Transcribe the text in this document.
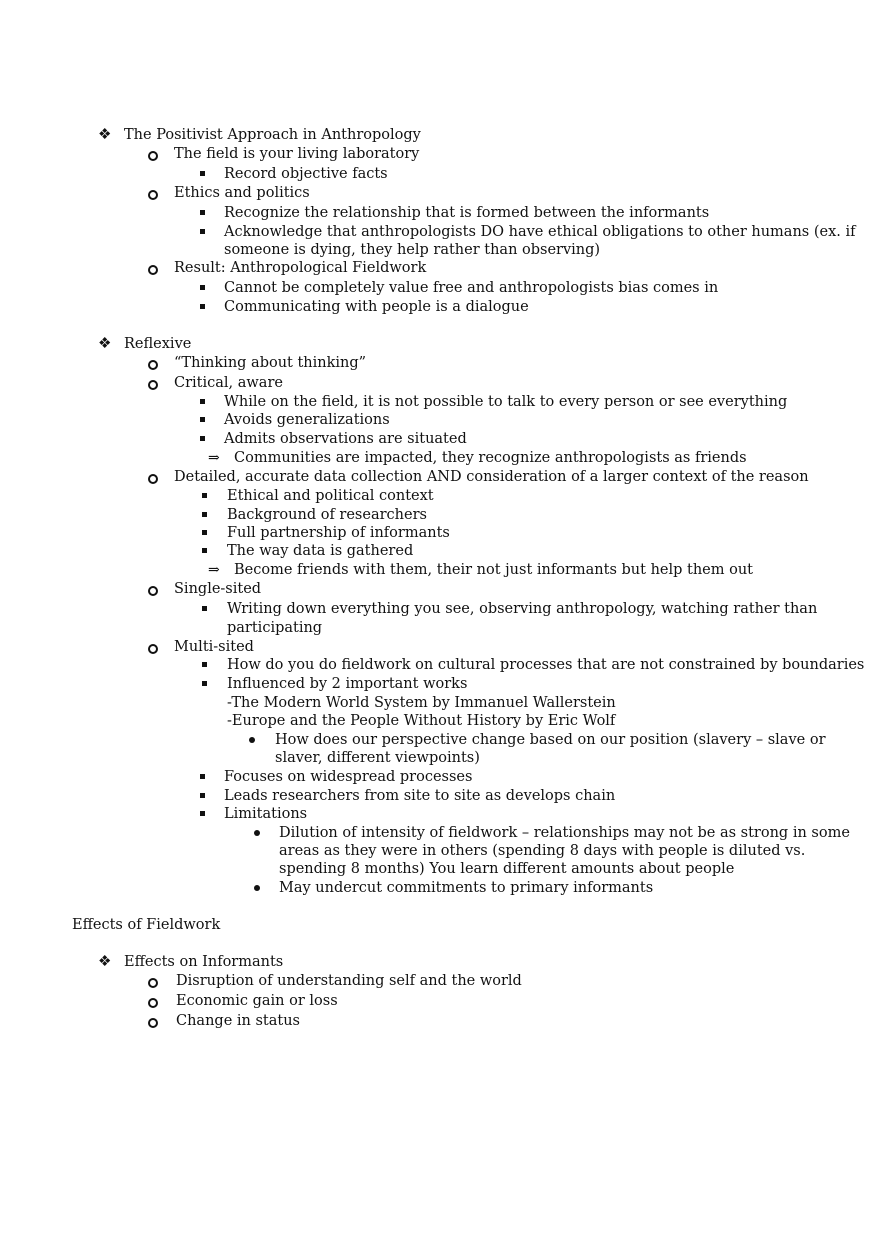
❖ The Positivist Approach in Anthropology
The field is your living laboratory
Record objective facts
Ethics and politics
Recognize the relationship that is formed between the informants
Acknowledge that anthropologists DO have ethical obligations to other humans (ex. if
someone is dying, they help rather than observing)
Result: Anthropological Fieldwork
Cannot be completely value free and anthropologists bias comes in
Communicating with people is a dialogue
❖ Reflexive
“Thinking about thinking”
Critical, aware
While on the field, it is not possible to talk to every person or see everything
Avoids generalizations
Admits observations are situated
⇒ Communities are impacted, they recognize anthropologists as friends
Detailed, accurate data collection AND consideration of a larger context of the reason
Ethical and political context
Background of researchers
Full partnership of informants
The way data is gathered
⇒ Become friends with them, their not just informants but help them out
Single-sited
Writing down everything you see, observing anthropology, watching rather than
participating
Multi-sited
How do you do fieldwork on cultural processes that are not constrained by boundaries
Influenced by 2 important works
-The Modern World System by Immanuel Wallerstein
-Europe and the People Without History by Eric Wolf
How does our perspective change based on our position (slavery – slave or
slaver, different viewpoints)
Focuses on widespread processes
Leads researchers from site to site as develops chain
Limitations
Dilution of intensity of fieldwork – relationships may not be as strong in some
areas as they were in others (spending 8 days with people is diluted vs.
spending 8 months) You learn different amounts about people
May undercut commitments to primary informants
Effects of Fieldwork
❖ Effects on Informants
Disruption of understanding self and the world
Economic gain or loss
Change in status
